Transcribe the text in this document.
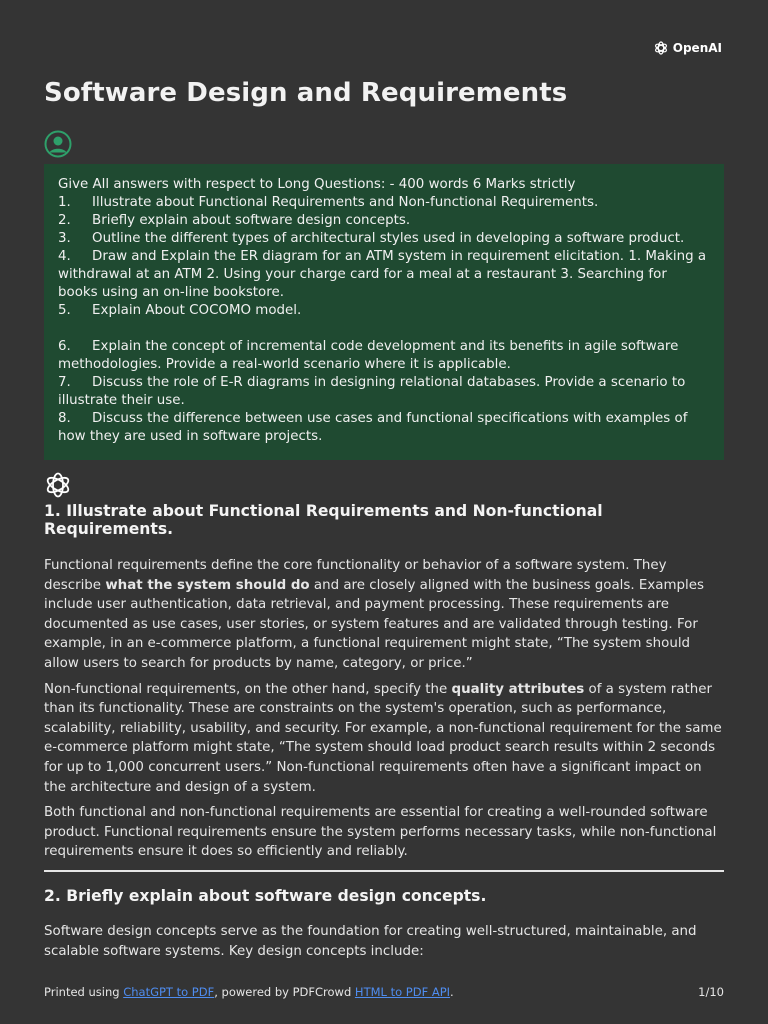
OpenAI
Software Design and Requirements
Give All answers with respect to Long Questions: - 400 words 6 Marks strictly
1.     Illustrate about Functional Requirements and Non-functional Requirements.
2.     Briefly explain about software design concepts.
3.     Outline the different types of architectural styles used in developing a software product.
4.     Draw and Explain the ER diagram for an ATM system in requirement elicitation. 1. Making a withdrawal at an ATM 2. Using your charge card for a meal at a restaurant 3. Searching for books using an on-line bookstore.
5.     Explain About COCOMO model.
6.     Explain the concept of incremental code development and its benefits in agile software methodologies. Provide a real-world scenario where it is applicable.
7.     Discuss the role of E-R diagrams in designing relational databases. Provide a scenario to illustrate their use.
8.     Discuss the difference between use cases and functional specifications with examples of how they are used in software projects.
1. Illustrate about Functional Requirements and Non-functional Requirements.

Functional requirements define the core functionality or behavior of a software system. They describe what the system should do and are closely aligned with the business goals. Examples include user authentication, data retrieval, and payment processing. These requirements are documented as use cases, user stories, or system features and are validated through testing. For example, in an e-commerce platform, a functional requirement might state, “The system should allow users to search for products by name, category, or price.”

Non-functional requirements, on the other hand, specify the quality attributes of a system rather than its functionality. These are constraints on the system's operation, such as performance, scalability, reliability, usability, and security. For example, a non-functional requirement for the same e-commerce platform might state, “The system should load product search results within 2 seconds for up to 1,000 concurrent users.” Non-functional requirements often have a significant impact on the architecture and design of a system.

Both functional and non-functional requirements are essential for creating a well-rounded software product. Functional requirements ensure the system performs necessary tasks, while non-functional requirements ensure it does so efficiently and reliably.

2. Briefly explain about software design concepts.

Software design concepts serve as the foundation for creating well-structured, maintainable, and scalable software systems. Key design concepts include:

Printed using ChatGPT to PDF, powered by PDFCrowd HTML to PDF API.	1/10
